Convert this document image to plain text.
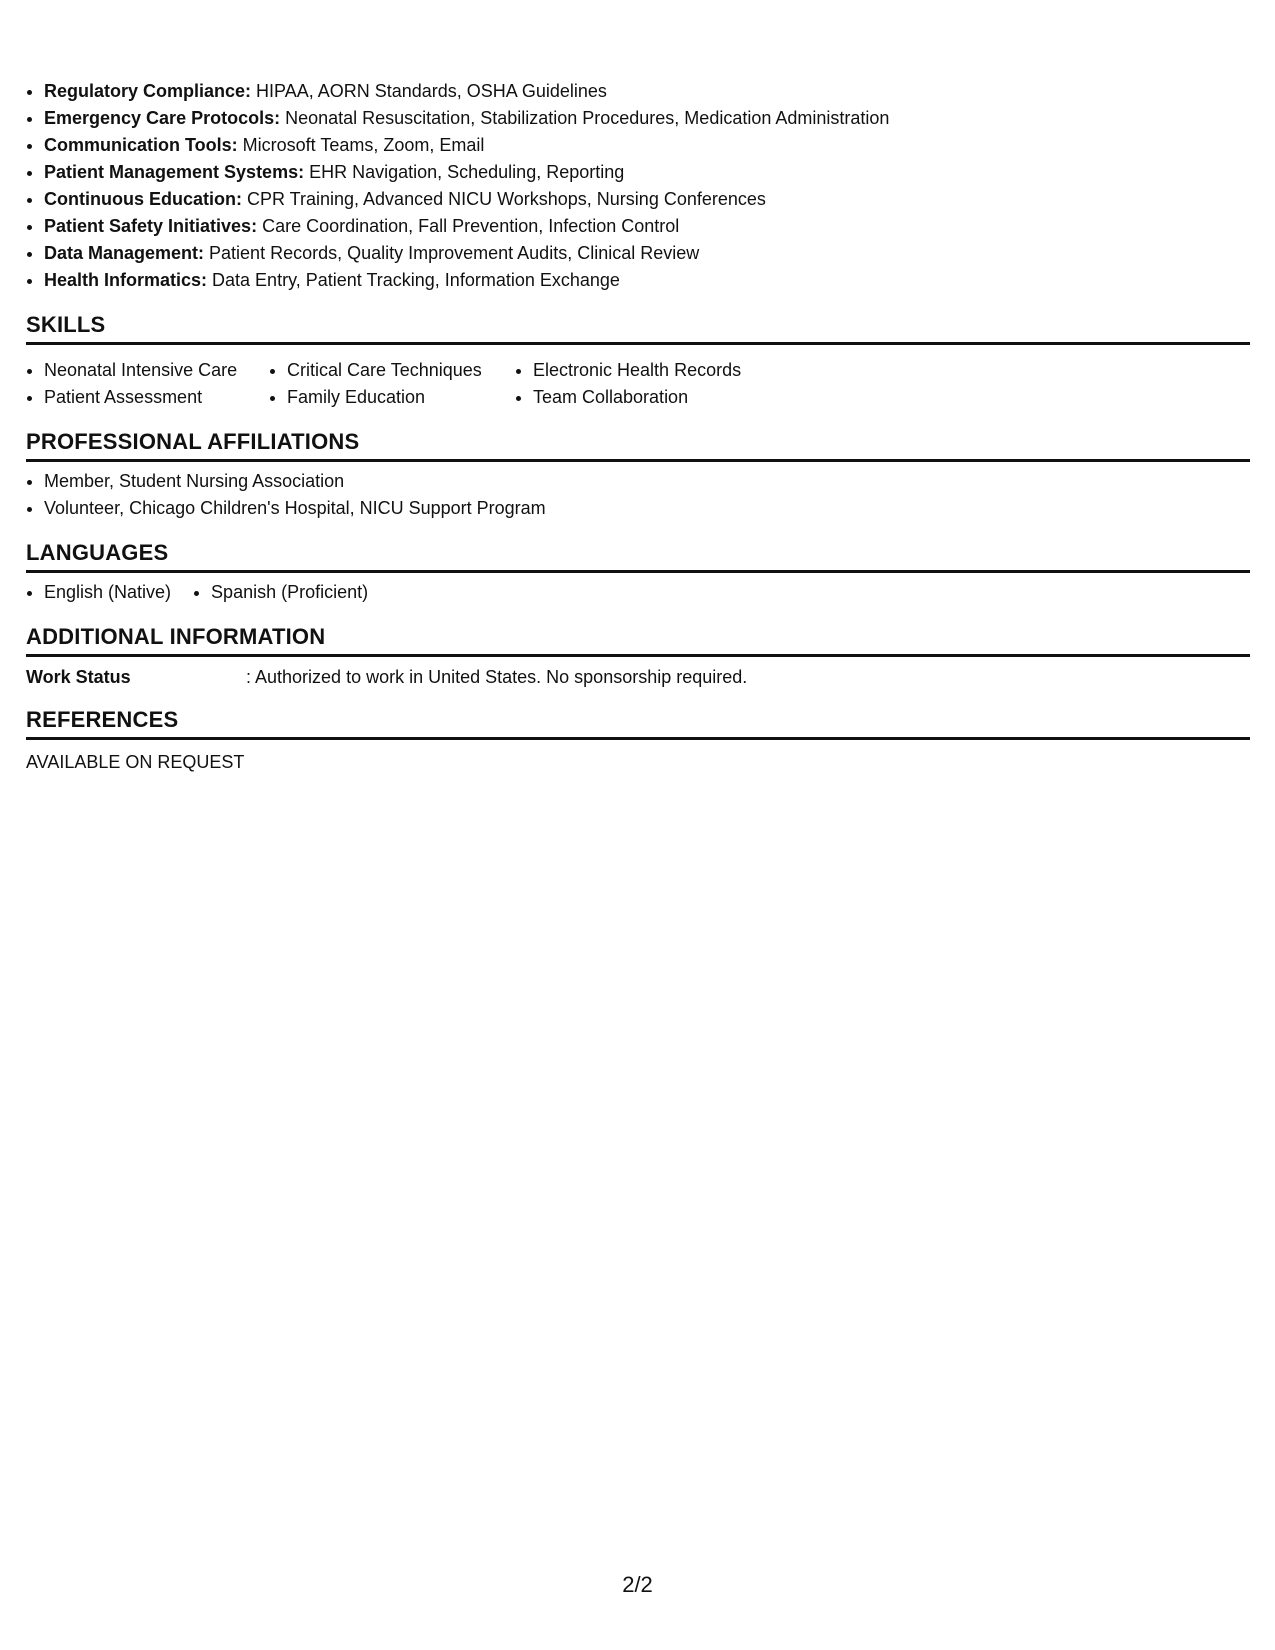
Regulatory Compliance: HIPAA, AORN Standards, OSHA Guidelines
Emergency Care Protocols: Neonatal Resuscitation, Stabilization Procedures, Medication Administration
Communication Tools: Microsoft Teams, Zoom, Email
Patient Management Systems: EHR Navigation, Scheduling, Reporting
Continuous Education: CPR Training, Advanced NICU Workshops, Nursing Conferences
Patient Safety Initiatives: Care Coordination, Fall Prevention, Infection Control
Data Management: Patient Records, Quality Improvement Audits, Clinical Review
Health Informatics: Data Entry, Patient Tracking, Information Exchange
SKILLS
Neonatal Intensive Care
Patient Assessment
Critical Care Techniques
Family Education
Electronic Health Records
Team Collaboration
PROFESSIONAL AFFILIATIONS
Member, Student Nursing Association
Volunteer, Chicago Children's Hospital, NICU Support Program
LANGUAGES
English (Native)	Spanish (Proficient)
ADDITIONAL INFORMATION
Work Status	: Authorized to work in United States. No sponsorship required.
REFERENCES
AVAILABLE ON REQUEST
2/2
